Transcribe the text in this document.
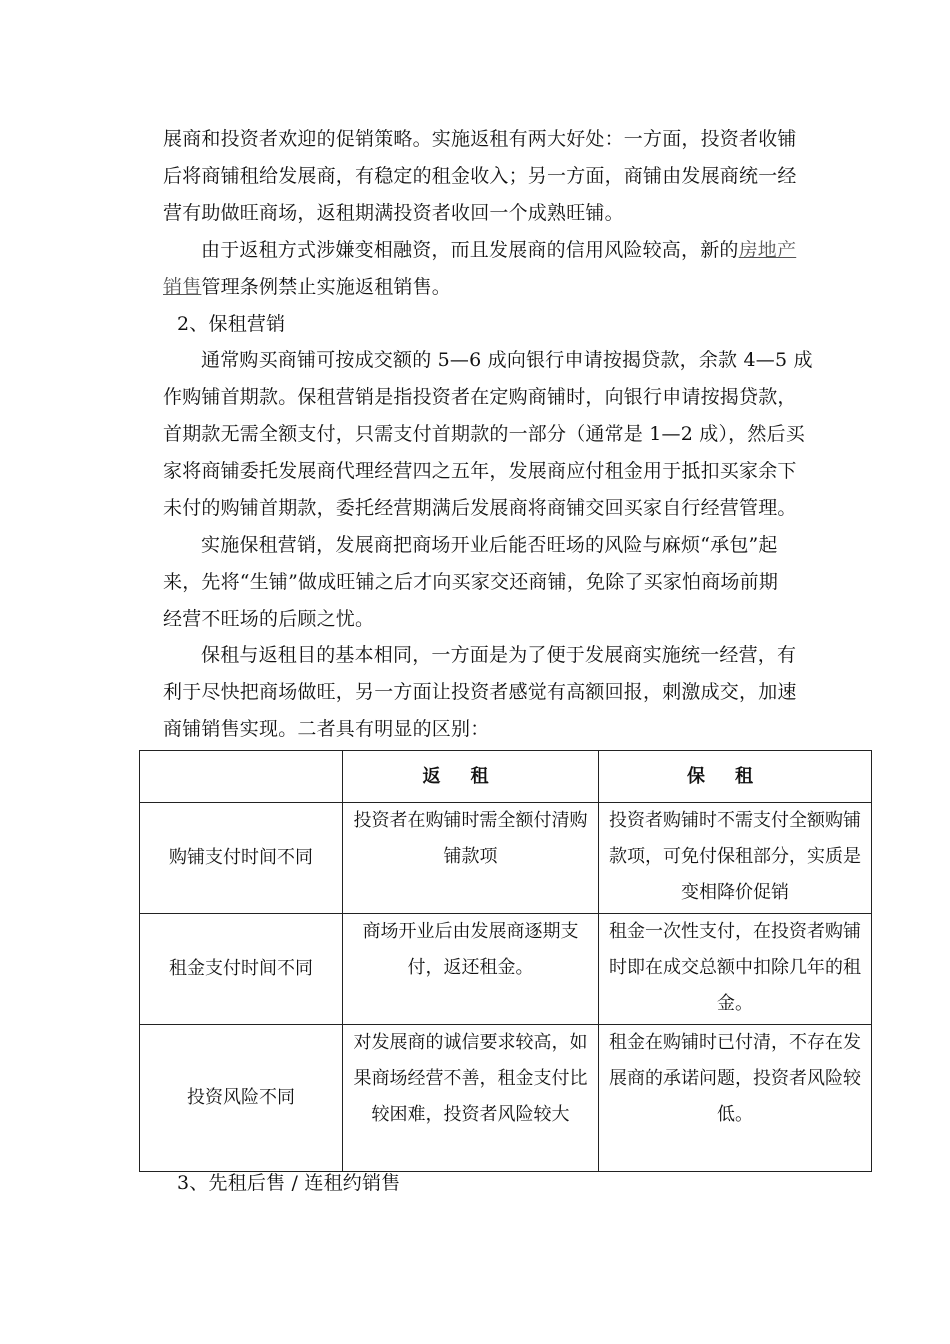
展商和投资者欢迎的促销策略。实施返租有两大好处：一方面，投资者收铺
后将商铺租给发展商，有稳定的租金收入；另一方面，商铺由发展商统一经
营有助做旺商场，返租期满投资者收回一个成熟旺铺。
由于返租方式涉嫌变相融资，而且发展商的信用风险较高，新的房地产
销售管理条例禁止实施返租销售。
2、保租营销
通常购买商铺可按成交额的 5—6 成向银行申请按揭贷款，余款 4—5 成
作购铺首期款。保租营销是指投资者在定购商铺时，向银行申请按揭贷款，
首期款无需全额支付，只需支付首期款的一部分（通常是 1—2 成），然后买
家将商铺委托发展商代理经营四之五年，发展商应付租金用于抵扣买家余下
未付的购铺首期款，委托经营期满后发展商将商铺交回买家自行经营管理。
实施保租营销，发展商把商场开业后能否旺场的风险与麻烦“承包”起
来，先将“生铺”做成旺铺之后才向买家交还商铺，免除了买家怕商场前期
经营不旺场的后顾之忧。
保租与返租目的基本相同，一方面是为了便于发展商实施统一经营，有
利于尽快把商场做旺，另一方面让投资者感觉有高额回报，刺激成交，加速
商铺销售实现。二者具有明显的区别：
	返租	保租
购铺支付时间不同	投资者在购铺时需全额付清购铺款项	投资者购铺时不需支付全额购铺款项，可免付保租部分，实质是变相降价促销
租金支付时间不同	商场开业后由发展商逐期支付，返还租金。	租金一次性支付，在投资者购铺时即在成交总额中扣除几年的租金。
投资风险不同	对发展商的诚信要求较高，如果商场经营不善，租金支付比较困难，投资者风险较大	租金在购铺时已付清，不存在发展商的承诺问题，投资者风险较低。
3、先租后售 / 连租约销售
